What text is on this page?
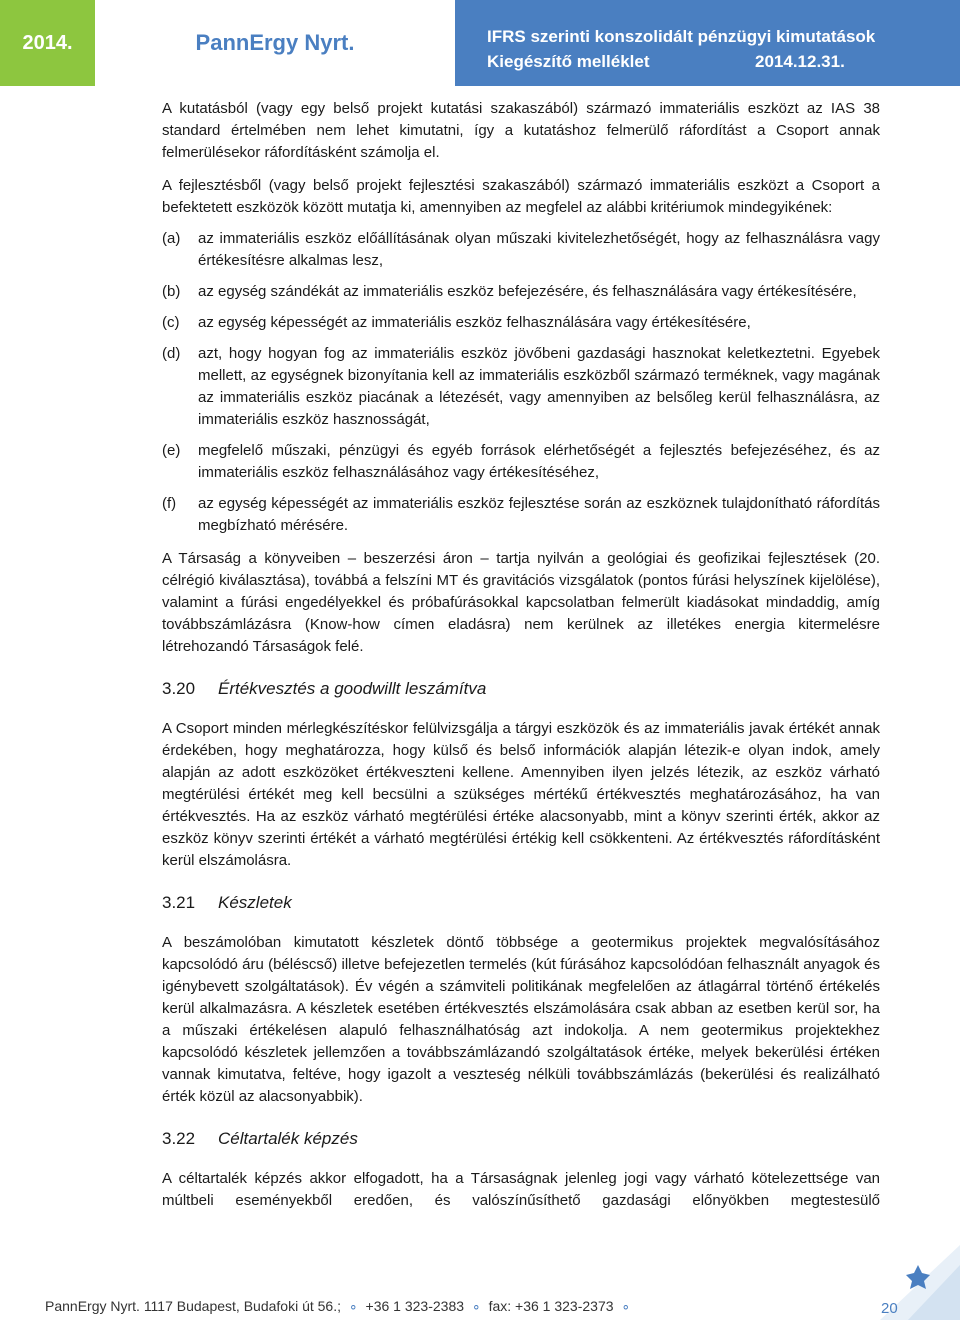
2014.	PannErgy Nyrt.	IFRS szerinti konszolidált pénzügyi kimutatások
Kiegészítő melléklet	2014.12.31.

A kutatásból (vagy egy belső projekt kutatási szakaszából) származó immateriális eszközt az IAS 38 standard értelmében nem lehet kimutatni, így a kutatáshoz felmerülő ráfordítást a Csoport annak felmerülésekor ráfordításként számolja el.

A fejlesztésből (vagy belső projekt fejlesztési szakaszából) származó immateriális eszközt a Csoport a befektetett eszközök között mutatja ki, amennyiben az megfelel az alábbi kritériumok mindegyikének:

(a) az immateriális eszköz előállításának olyan műszaki kivitelezhetőségét, hogy az felhasználásra vagy értékesítésre alkalmas lesz,
(b) az egység szándékát az immateriális eszköz befejezésére, és felhasználására vagy értékesítésére,
(c) az egység képességét az immateriális eszköz felhasználására vagy értékesítésére,
(d) azt, hogy hogyan fog az immateriális eszköz jövőbeni gazdasági hasznokat keletkeztetni. Egyebek mellett, az egységnek bizonyítania kell az immateriális eszközből származó terméknek, vagy magának az immateriális eszköz piacának a létezését, vagy amennyiben az belsőleg kerül felhasználásra, az immateriális eszköz hasznosságát,
(e) megfelelő műszaki, pénzügyi és egyéb források elérhetőségét a fejlesztés befejezéséhez, és az immateriális eszköz felhasználásához vagy értékesítéséhez,
(f) az egység képességét az immateriális eszköz fejlesztése során az eszköznek tulajdonítható ráfordítás megbízható mérésére.

A Társaság a könyveiben – beszerzési áron – tartja nyilván a geológiai és geofizikai fejlesztések (20. célrégió kiválasztása), továbbá a felszíni MT és gravitációs vizsgálatok (pontos fúrási helyszínek kijelölése), valamint a fúrási engedélyekkel és próbafúrásokkal kapcsolatban felmerült kiadásokat mindaddig, amíg továbbszámlázásra (Know-how címen eladásra) nem kerülnek az illetékes energia kitermelésre létrehozandó Társaságok felé.

3.20 Értékvesztés a goodwillt leszámítva

A Csoport minden mérlegkészítéskor felülvizsgálja a tárgyi eszközök és az immateriális javak értékét annak érdekében, hogy meghatározza, hogy külső és belső információk alapján létezik-e olyan indok, amely alapján az adott eszközöket értékveszteni kellene. Amennyiben ilyen jelzés létezik, az eszköz várható megtérülési értékét meg kell becsülni a szükséges mértékű értékvesztés meghatározásához, ha van értékvesztés. Ha az eszköz várható megtérülési értéke alacsonyabb, mint a könyv szerinti érték, akkor az eszköz könyv szerinti értékét a várható megtérülési értékig kell csökkenteni. Az értékvesztés ráfordításként kerül elszámolásra.

3.21 Készletek

A beszámolóban kimutatott készletek döntő többsége a geotermikus projektek megvalósításához kapcsolódó áru (béléscső) illetve befejezetlen termelés (kút fúrásához kapcsolódóan felhasznált anyagok és igénybevett szolgáltatások). Év végén a számviteli politikának megfelelően az átlagárral történő értékelés kerül alkalmazásra. A készletek esetében értékvesztés elszámolására csak abban az esetben kerül sor, ha a műszaki értékelésen alapuló felhasználhatóság azt indokolja. A nem geotermikus projektekhez kapcsolódó készletek jellemzően a továbbszámlázandó szolgáltatások értéke, melyek bekerülési értéken vannak kimutatva, feltéve, hogy igazolt a veszteség nélküli továbbszámlázás (bekerülési és realizálható érték közül az alacsonyabbik).

3.22 Céltartalék képzés

A céltartalék képzés akkor elfogadott, ha a Társaságnak jelenleg jogi vagy várható kötelezettsége van múltbeli eseményekből eredően, és valószínűsíthető gazdasági előnyökben megtestesülő

PannErgy Nyrt. 1117 Budapest, Budafoki út 56.; ∘ +36 1 323-2383 ∘ fax: +36 1 323-2373 ∘	20
